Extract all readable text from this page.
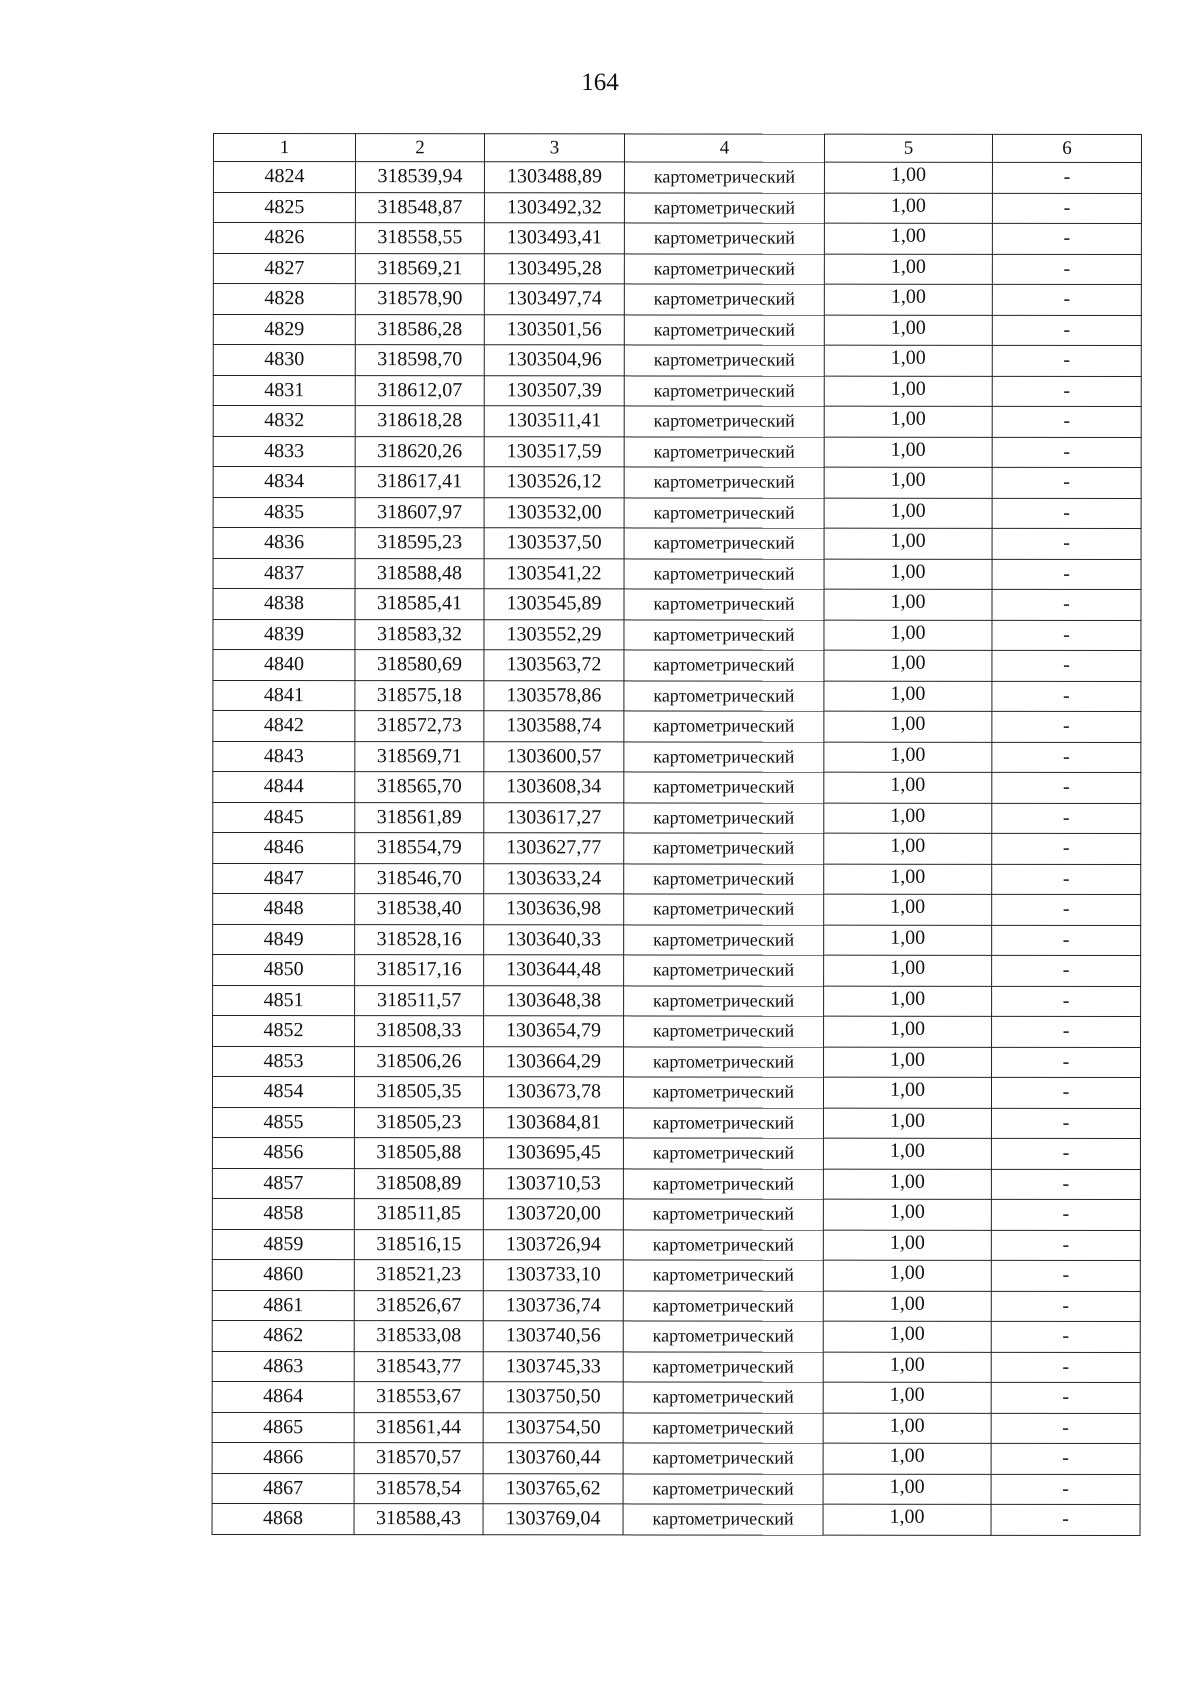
164
1	2	3	4	5	6
4824	318539,94	1303488,89	картометрический	1,00	-
4825	318548,87	1303492,32	картометрический	1,00	-
4826	318558,55	1303493,41	картометрический	1,00	-
4827	318569,21	1303495,28	картометрический	1,00	-
4828	318578,90	1303497,74	картометрический	1,00	-
4829	318586,28	1303501,56	картометрический	1,00	-
4830	318598,70	1303504,96	картометрический	1,00	-
4831	318612,07	1303507,39	картометрический	1,00	-
4832	318618,28	1303511,41	картометрический	1,00	-
4833	318620,26	1303517,59	картометрический	1,00	-
4834	318617,41	1303526,12	картометрический	1,00	-
4835	318607,97	1303532,00	картометрический	1,00	-
4836	318595,23	1303537,50	картометрический	1,00	-
4837	318588,48	1303541,22	картометрический	1,00	-
4838	318585,41	1303545,89	картометрический	1,00	-
4839	318583,32	1303552,29	картометрический	1,00	-
4840	318580,69	1303563,72	картометрический	1,00	-
4841	318575,18	1303578,86	картометрический	1,00	-
4842	318572,73	1303588,74	картометрический	1,00	-
4843	318569,71	1303600,57	картометрический	1,00	-
4844	318565,70	1303608,34	картометрический	1,00	-
4845	318561,89	1303617,27	картометрический	1,00	-
4846	318554,79	1303627,77	картометрический	1,00	-
4847	318546,70	1303633,24	картометрический	1,00	-
4848	318538,40	1303636,98	картометрический	1,00	-
4849	318528,16	1303640,33	картометрический	1,00	-
4850	318517,16	1303644,48	картометрический	1,00	-
4851	318511,57	1303648,38	картометрический	1,00	-
4852	318508,33	1303654,79	картометрический	1,00	-
4853	318506,26	1303664,29	картометрический	1,00	-
4854	318505,35	1303673,78	картометрический	1,00	-
4855	318505,23	1303684,81	картометрический	1,00	-
4856	318505,88	1303695,45	картометрический	1,00	-
4857	318508,89	1303710,53	картометрический	1,00	-
4858	318511,85	1303720,00	картометрический	1,00	-
4859	318516,15	1303726,94	картометрический	1,00	-
4860	318521,23	1303733,10	картометрический	1,00	-
4861	318526,67	1303736,74	картометрический	1,00	-
4862	318533,08	1303740,56	картометрический	1,00	-
4863	318543,77	1303745,33	картометрический	1,00	-
4864	318553,67	1303750,50	картометрический	1,00	-
4865	318561,44	1303754,50	картометрический	1,00	-
4866	318570,57	1303760,44	картометрический	1,00	-
4867	318578,54	1303765,62	картометрический	1,00	-
4868	318588,43	1303769,04	картометрический	1,00	-
